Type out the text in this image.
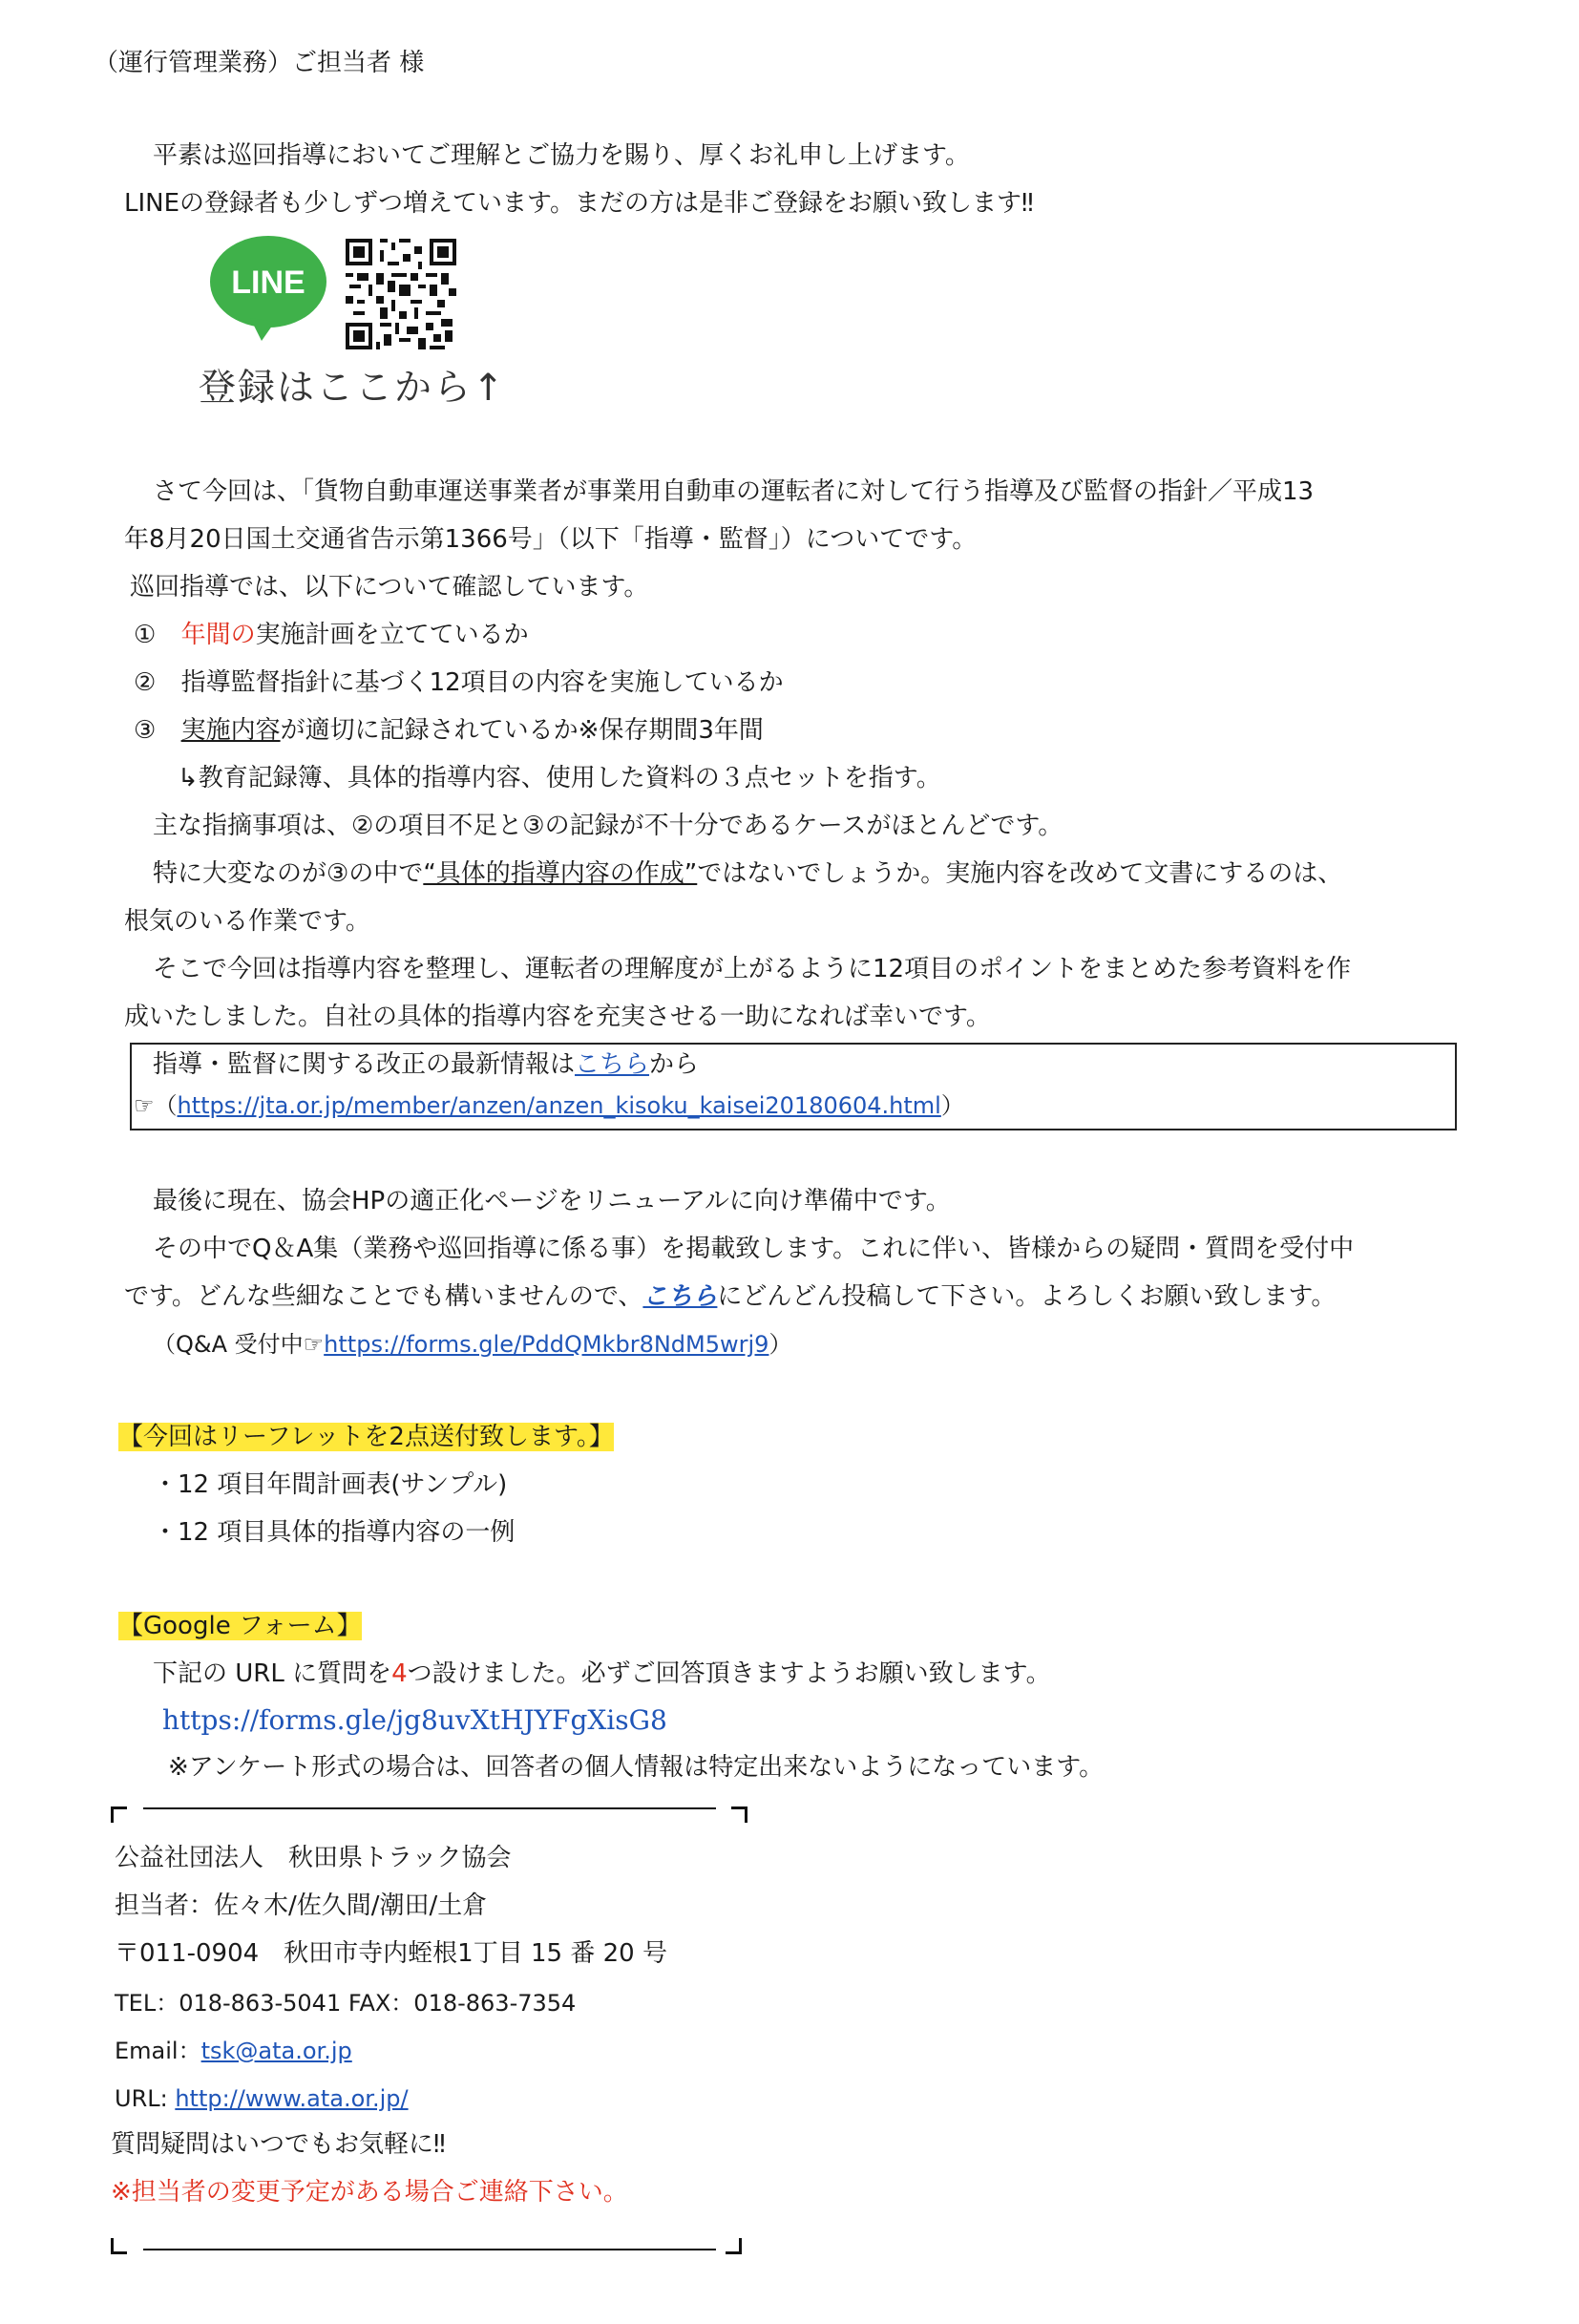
（運行管理業務）ご担当者 様
平素は巡回指導においてご理解とご協力を賜り、厚くお礼申し上げます。
LINEの登録者も少しずつ増えています。まだの方は是非ご登録をお願い致します‼
LINE
登録はここから↑
さて今回は、「貨物自動車運送事業者が事業用自動車の運転者に対して行う指導及び監督の指針／平成13
年8月20日国土交通省告示第1366号」（以下「指導・監督」）についてです。
巡回指導では、以下について確認しています。
① 年間の実施計画を立てているか
② 指導監督指針に基づく12項目の内容を実施しているか
③ 実施内容が適切に記録されているか※保存期間3年間
↳教育記録簿、具体的指導内容、使用した資料の３点セットを指す。
主な指摘事項は、②の項目不足と③の記録が不十分であるケースがほとんどです。
特に大変なのが③の中で“具体的指導内容の作成”ではないでしょうか。実施内容を改めて文書にするのは、
根気のいる作業です。
そこで今回は指導内容を整理し、運転者の理解度が上がるように12項目のポイントをまとめた参考資料を作
成いたしました。自社の具体的指導内容を充実させる一助になれば幸いです。
指導・監督に関する改正の最新情報はこちらから
☞（https://jta.or.jp/member/anzen/anzen_kisoku_kaisei20180604.html）
最後に現在、協会HPの適正化ページをリニューアルに向け準備中です。
その中でQ＆A集（業務や巡回指導に係る事）を掲載致します。これに伴い、皆様からの疑問・質問を受付中
です。どんな些細なことでも構いませんので、こちらにどんどん投稿して下さい。よろしくお願い致します。
（Q&A 受付中☞https://forms.gle/PddQMkbr8NdM5wrj9）
【今回はリーフレットを2点送付致します。】
・12 項目年間計画表(サンプル)
・12 項目具体的指導内容の一例
【Google フォーム】
下記の URL に質問を4つ設けました。必ずご回答頂きますようお願い致します。
https://forms.gle/jg8uvXtHJYFgXisG8
※アンケート形式の場合は、回答者の個人情報は特定出来ないようになっています。
公益社団法人　秋田県トラック協会
担当者：佐々木/佐久間/潮田/土倉
〒011-0904　秋田市寺内蛭根1丁目 15 番 20 号
TEL：018-863-5041 FAX：018-863-7354
Email：tsk@ata.or.jp
URL: http://www.ata.or.jp/
質問疑問はいつでもお気軽に‼
※担当者の変更予定がある場合ご連絡下さい。
